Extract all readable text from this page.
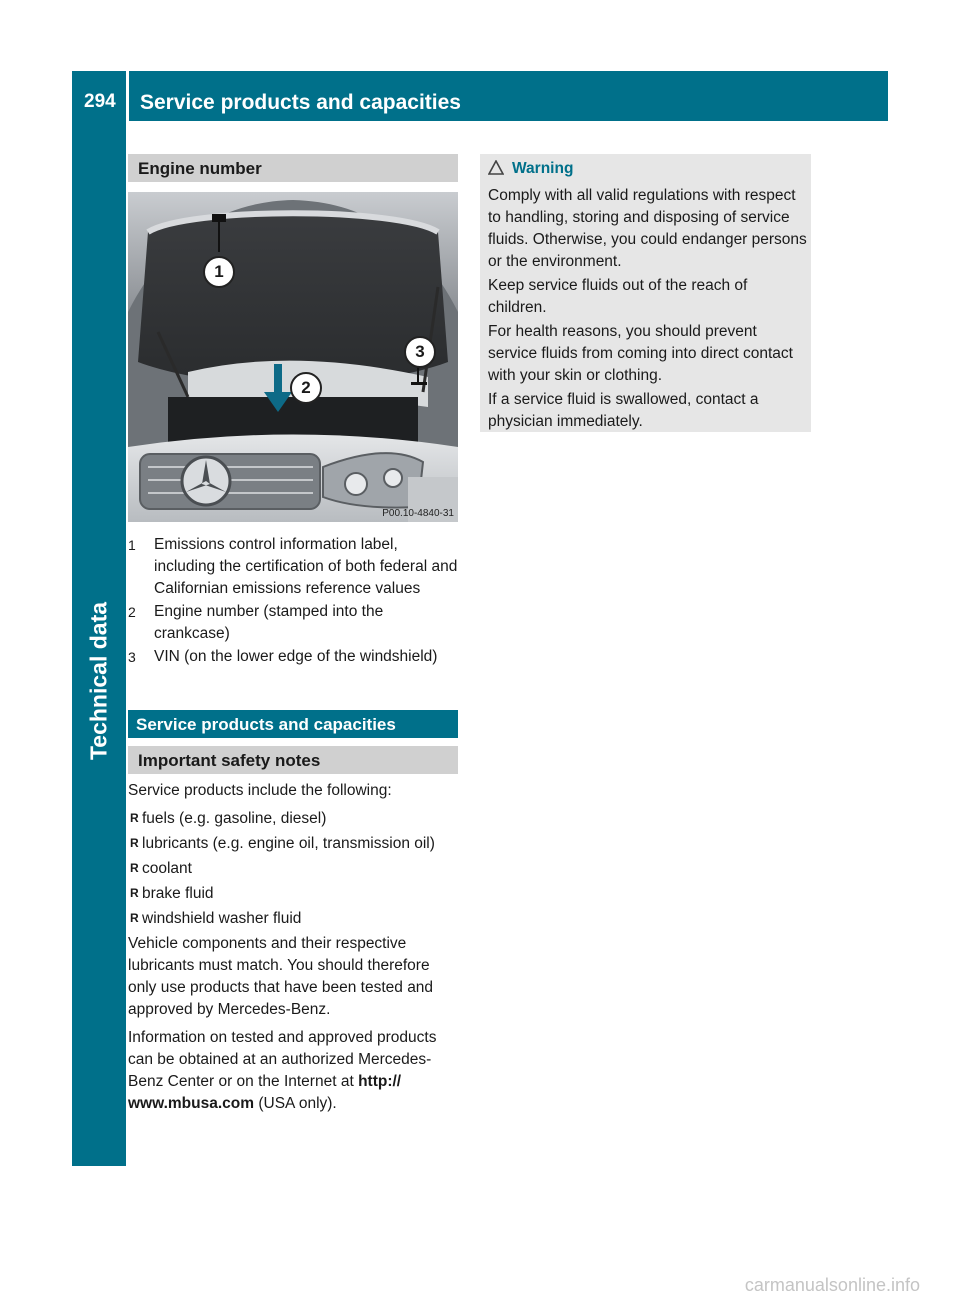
294 Service products and capacities
Technical data
Engine number
1
2
3
P00.10-4840-31
1 Emissions control information label, including the certification of both federal and Californian emissions reference values
2 Engine number (stamped into the crankcase)
3 VIN (on the lower edge of the windshield)
Service products and capacities
Important safety notes

Service products include the following:

R fuels (e.g. gasoline, diesel)
R lubricants (e.g. engine oil, transmission oil)
R coolant
R brake fluid
R windshield washer fluid

Vehicle components and their respective lubricants must match. You should therefore only use products that have been tested and approved by Mercedes-Benz.

Information on tested and approved products can be obtained at an authorized Mercedes-Benz Center or on the Internet at http:// www.mbusa.com (USA only).

Warning

Comply with all valid regulations with respect to handling, storing and disposing of service fluids. Otherwise, you could endanger persons or the environment.

Keep service fluids out of the reach of children.

For health reasons, you should prevent service fluids from coming into direct contact with your skin or clothing.

If a service fluid is swallowed, contact a physician immediately.

carmanualsonline.info
